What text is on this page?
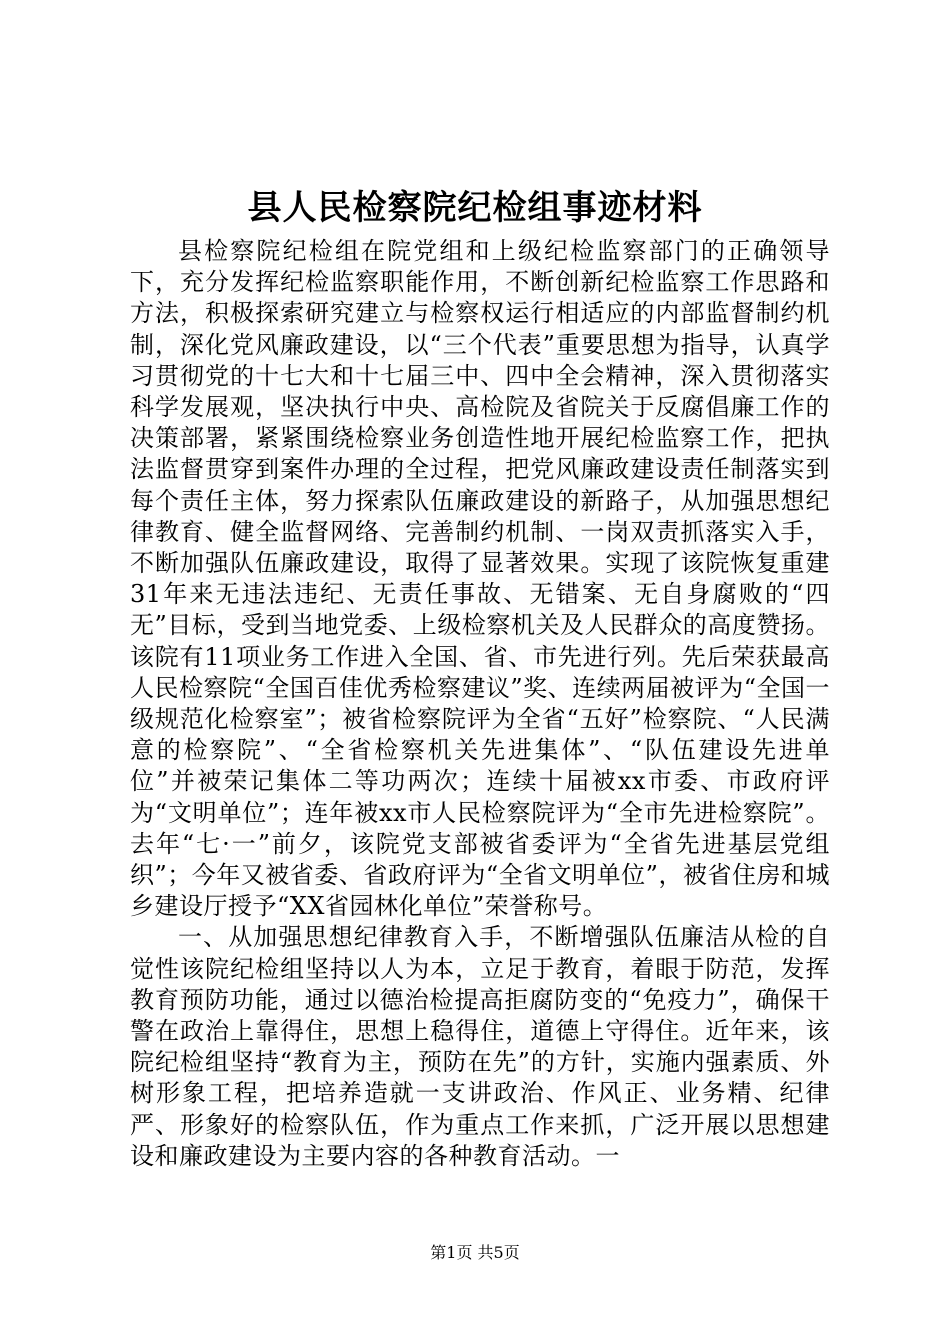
县人民检察院纪检组事迹材料

县检察院纪检组在院党组和上级纪检监察部门的正确领导下，充分发挥纪检监察职能作用，不断创新纪检监察工作思路和方法，积极探索研究建立与检察权运行相适应的内部监督制约机制，深化党风廉政建设，以“三个代表”重要思想为指导，认真学习贯彻党的十七大和十七届三中、四中全会精神，深入贯彻落实科学发展观，坚决执行中央、高检院及省院关于反腐倡廉工作的决策部署，紧紧围绕检察业务创造性地开展纪检监察工作，把执法监督贯穿到案件办理的全过程，把党风廉政建设责任制落实到每个责任主体，努力探索队伍廉政建设的新路子，从加强思想纪律教育、健全监督网络、完善制约机制、一岗双责抓落实入手，不断加强队伍廉政建设，取得了显著效果。实现了该院恢复重建31年来无违法违纪、无责任事故、无错案、无自身腐败的“四无”目标，受到当地党委、上级检察机关及人民群众的高度赞扬。该院有11项业务工作进入全国、省、市先进行列。先后荣获最高人民检察院“全国百佳优秀检察建议”奖、连续两届被评为“全国一级规范化检察室”；被省检察院评为全省“五好”检察院、“人民满意的检察院”、“全省检察机关先进集体”、“队伍建设先进单位”并被荣记集体二等功两次；连续十届被xx市委、市政府评为“文明单位”；连年被xx市人民检察院评为“全市先进检察院”。去年“七·一”前夕，该院党支部被省委评为“全省先进基层党组织”；今年又被省委、省政府评为“全省文明单位”，被省住房和城乡建设厅授予“XX省园林化单位”荣誉称号。

一、从加强思想纪律教育入手，不断增强队伍廉洁从检的自觉性该院纪检组坚持以人为本，立足于教育，着眼于防范，发挥教育预防功能，通过以德治检提高拒腐防变的“免疫力”，确保干警在政治上靠得住，思想上稳得住，道德上守得住。近年来，该院纪检组坚持“教育为主，预防在先”的方针，实施内强素质、外树形象工程，把培养造就一支讲政治、作风正、业务精、纪律严、形象好的检察队伍，作为重点工作来抓，广泛开展以思想建设和廉政建设为主要内容的各种教育活动。一

第1页 共5页
